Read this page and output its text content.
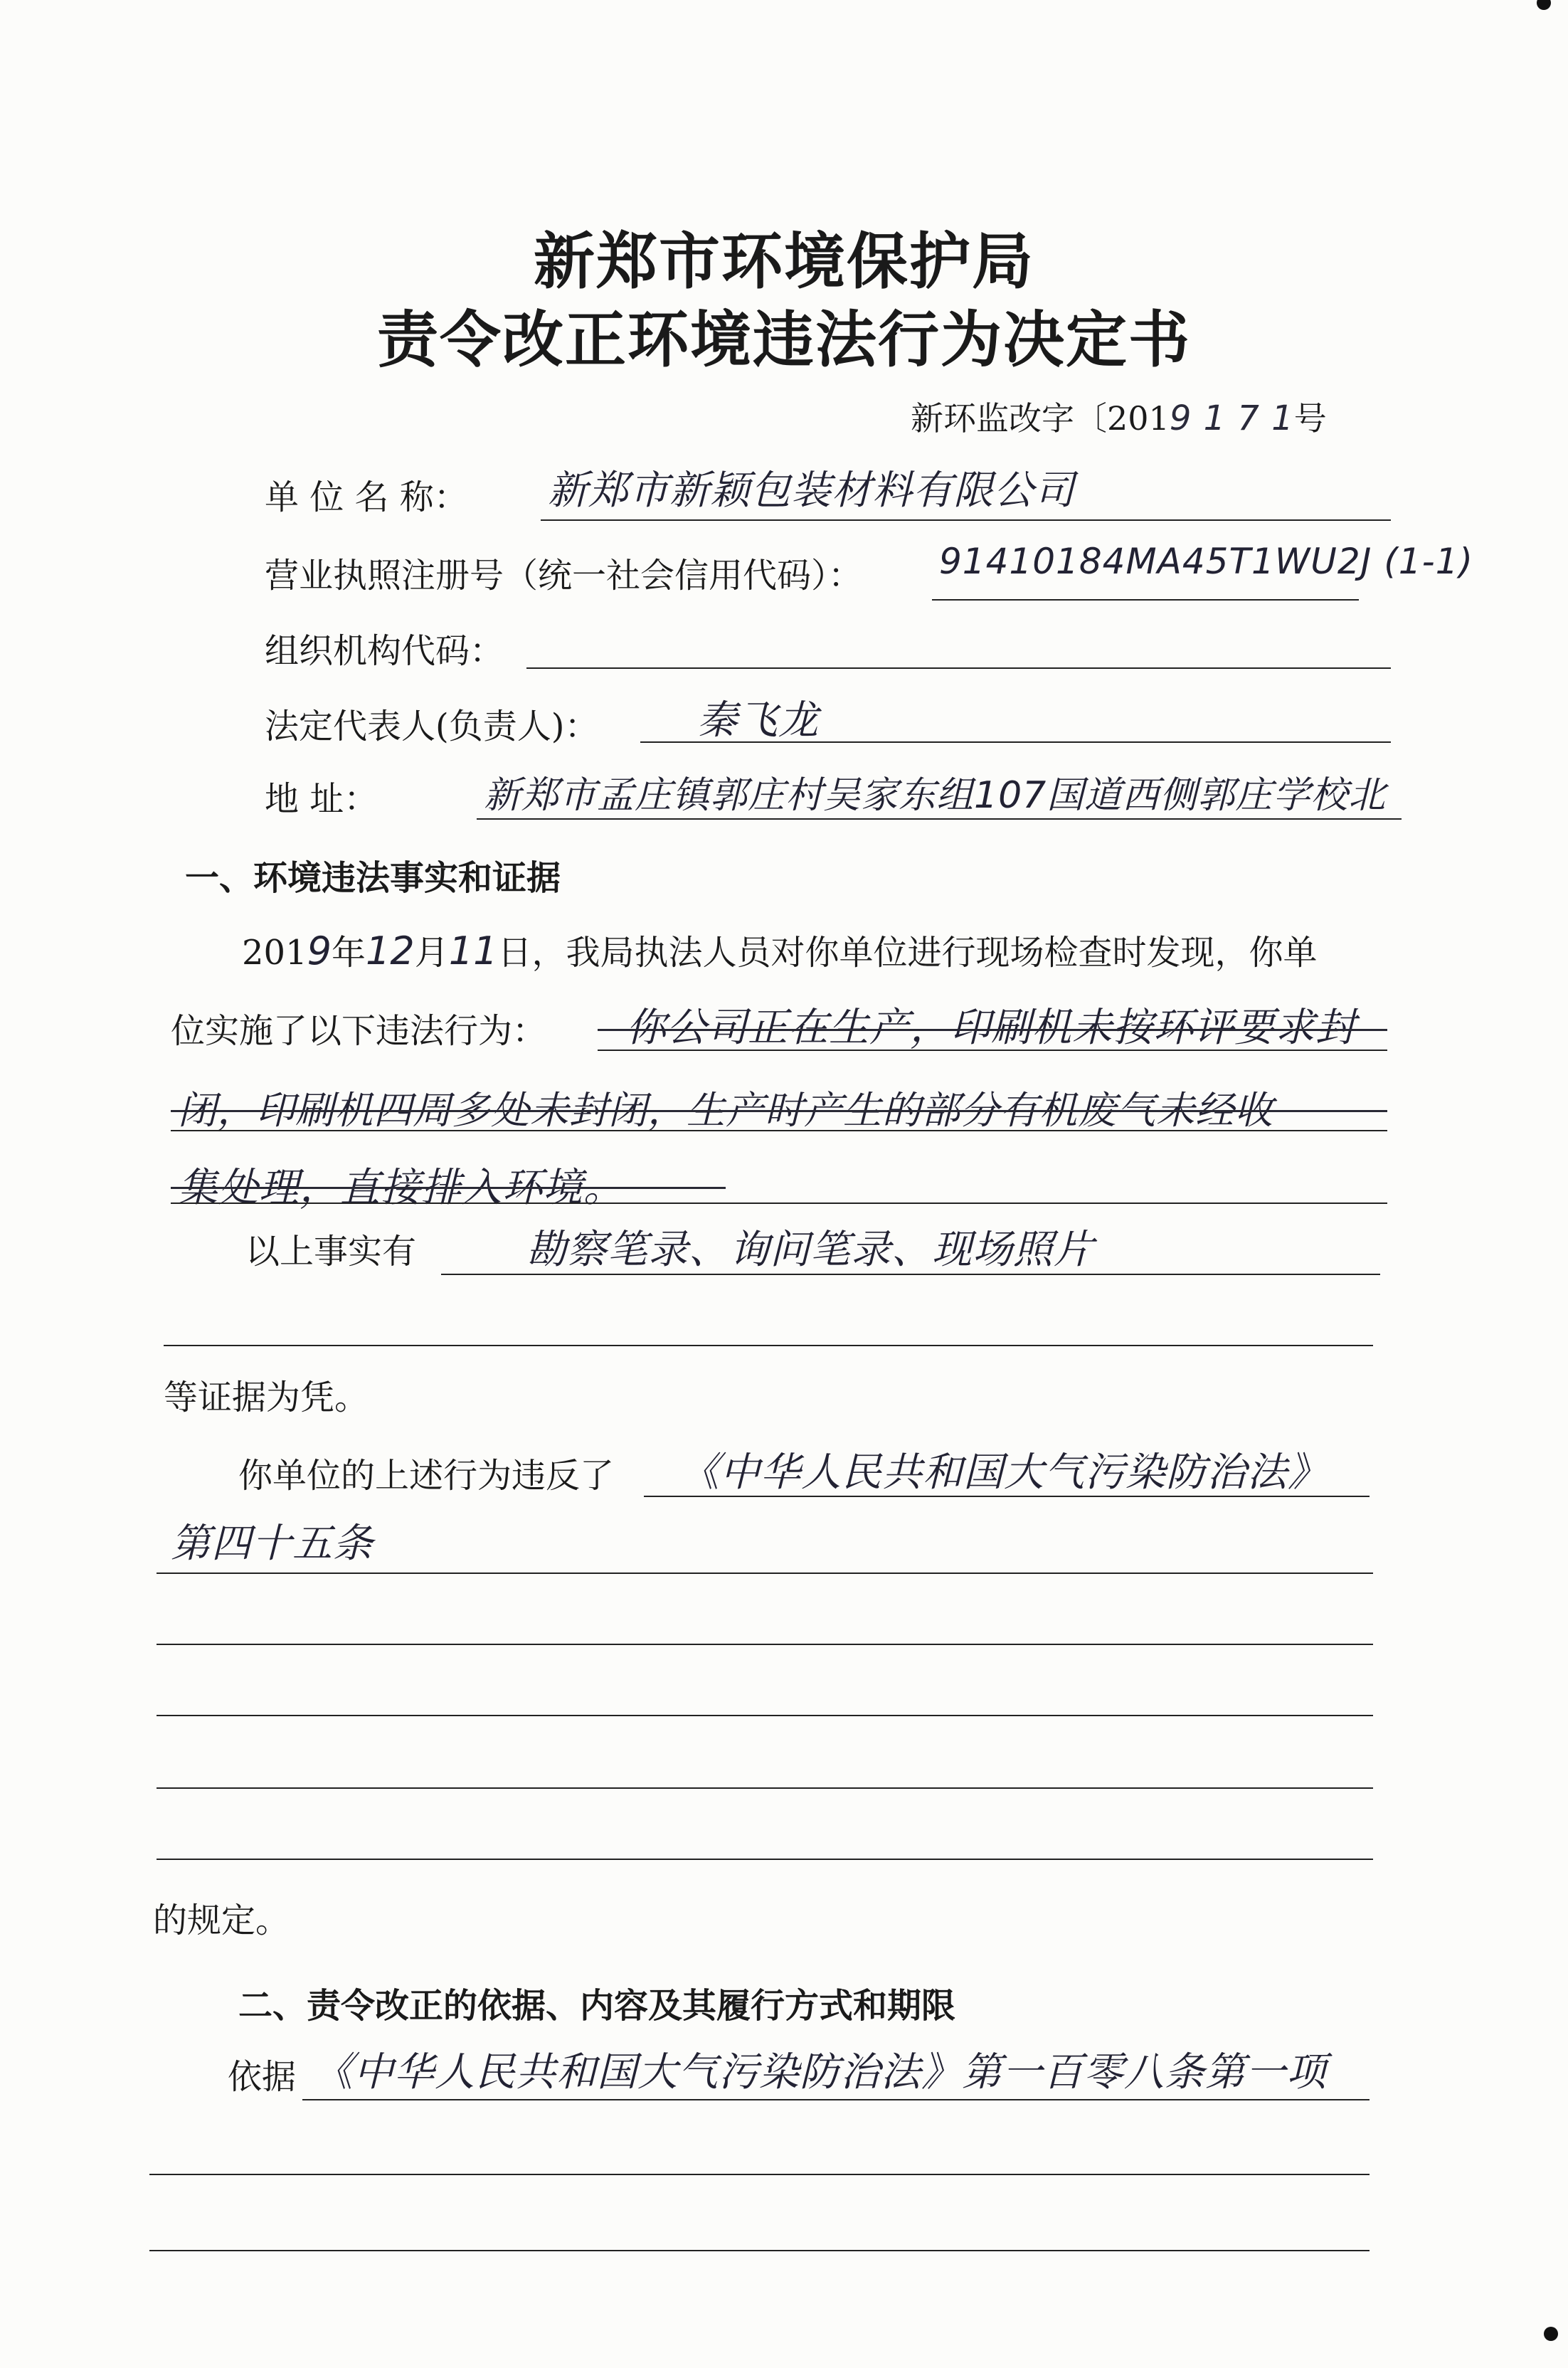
新郑市环境保护局
责令改正环境违法行为决定书
新环监改字〔2019 1 7 1号
单 位 名 称： 新郑市新颖包装材料有限公司
营业执照注册号（统一社会信用代码）： 91410184MA45T1WU2J (1-1)
组织机构代码：
法定代表人(负责人)： 秦飞龙
地 址：	新郑市孟庄镇郭庄村吴家东组107国道西侧郭庄学校北
一、环境违法事实和证据
2019年12月11日，我局执法人员对你单位进行现场检查时发现，你单
位实施了以下违法行为： 你公司正在生产，印刷机未按环评要求封
闭，印刷机四周多处未封闭，生产时产生的部分有机废气未经收
集处理，直接排入环境。
以上事实有	勘察笔录、询问笔录、现场照片
等证据为凭。
你单位的上述行为违反了 《中华人民共和国大气污染防治法》
第四十五条
的规定。
二、责令改正的依据、内容及其履行方式和期限
依据 《中华人民共和国大气污染防治法》第一百零八条第一项
